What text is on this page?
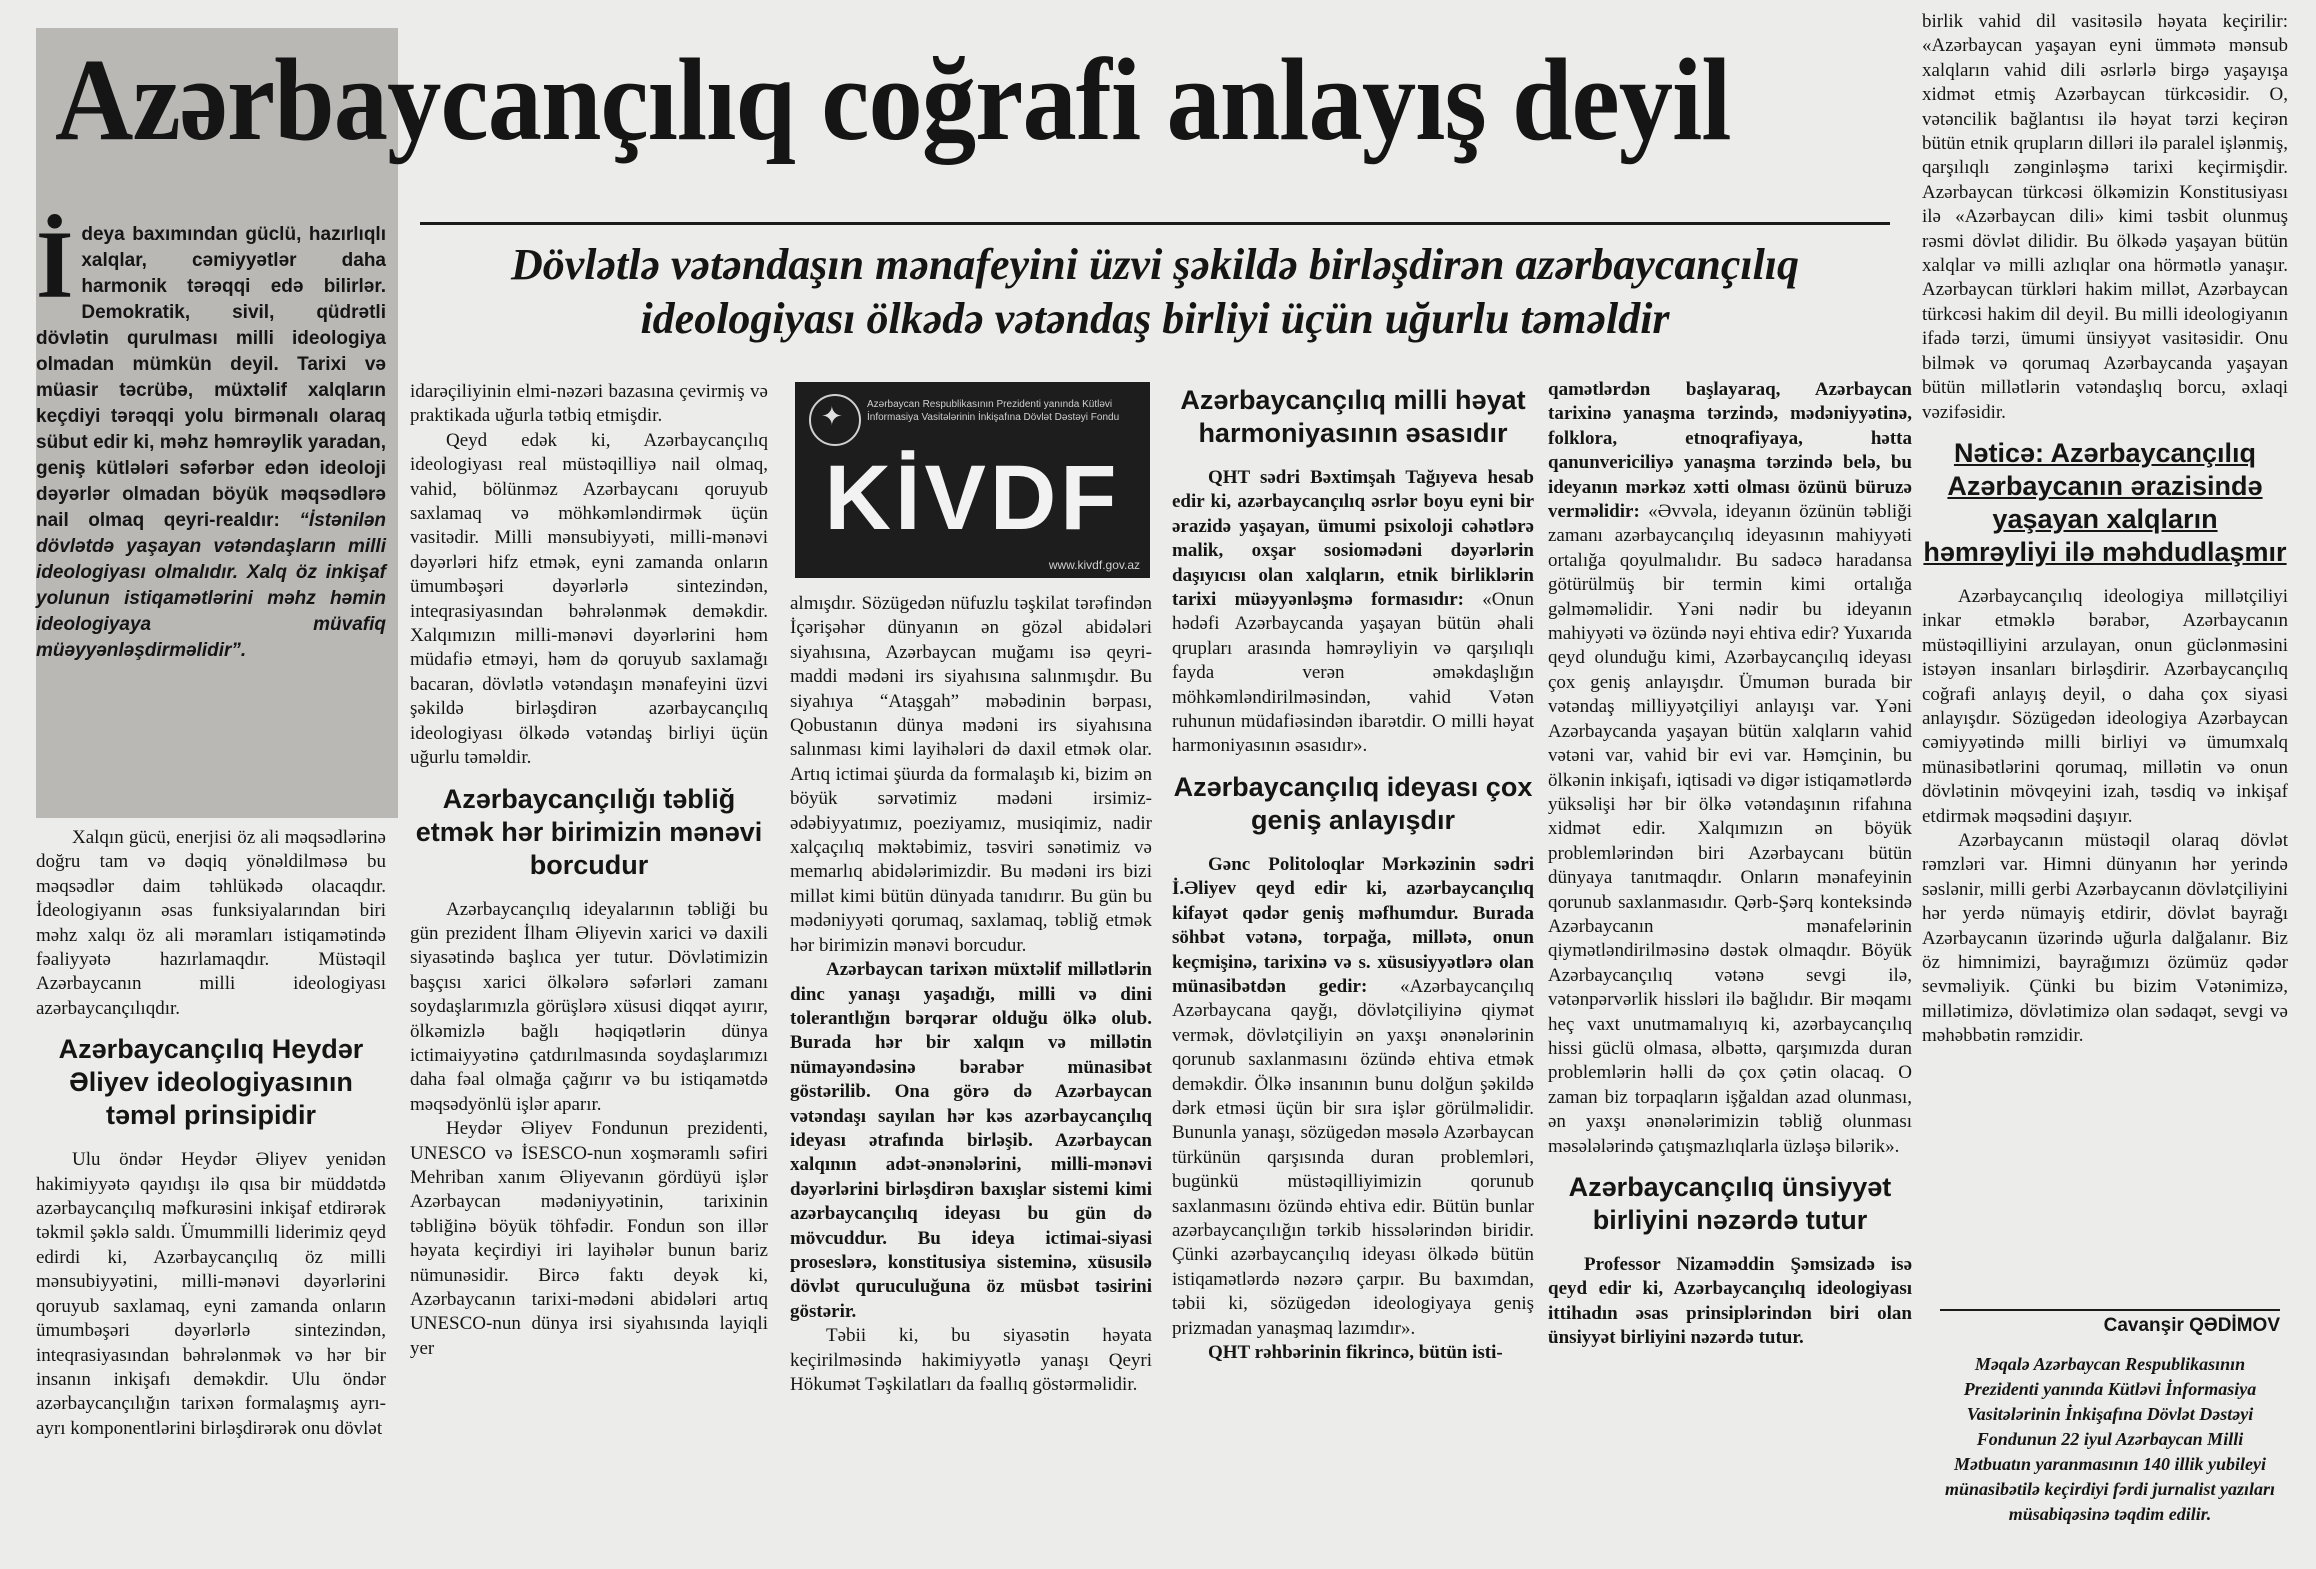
Azərbaycançılıq coğrafi anlayış deyil
Dövlətlə vətəndaşın mənafeyini üzvi şəkildə birləşdirən azərbaycançılıq ideologiyası ölkədə vətəndaş birliyi üçün uğurlu təməldir
İdeya baxımından güclü, hazırlıqlı xalqlar, cəmiyyətlər daha harmonik tərəqqi edə bilirlər. Demokratik, sivil, qüdrətli dövlətin qurulması milli ideologiya olmadan mümkün deyil. Tarixi və müasir təcrübə, müxtəlif xalqların keçdiyi tərəqqi yolu birmənalı olaraq sübut edir ki, məhz həmrəylik yaradan, geniş kütlələri səfərbər edən ideoloji dəyərlər olmadan böyük məqsədlərə nail olmaq qeyri-realdır: “İstənilən dövlətdə yaşayan vətəndaşların milli ideologiyası olmalıdır. Xalq öz inkişaf yolunun istiqamətlərini məhz həmin ideologiyaya müvafiq müəyyənləşdirməlidir”.

Xalqın gücü, enerjisi öz ali məqsədlərinə doğru tam və dəqiq yönəldilməsə bu məqsədlər daim təhlükədə olacaqdır. İdeologiyanın əsas funksiyalarından biri məhz xalqı öz ali məramları istiqamətində fəaliyyətə hazırlamaqdır. Müstəqil Azərbaycanın milli ideologiyası azərbaycançılıqdır.

Azərbaycançılıq Heydər Əliyev ideologiyasının təməl prinsipidir

Ulu öndər Heydər Əliyev yenidən hakimiyyətə qayıdışı ilə qısa bir müddətdə azərbaycançılıq məfkurəsini inkişaf etdirərək təkmil şəklə saldı. Ümummilli liderimiz qeyd edirdi ki, Azərbaycançılıq öz milli mənsubiyyətini, milli-mənəvi dəyərlərini qoruyub saxlamaq, eyni zamanda onların ümumbəşəri dəyərlərlə sintezindən, inteqrasiyasından bəhrələnmək və hər bir insanın inkişafı deməkdir. Ulu öndər azərbaycançılığın tarixən formalaşmış ayrı-ayrı komponentlərini birləşdirərək onu dövlət

idarəçiliyinin elmi-nəzəri bazasına çevirmiş və praktikada uğurla tətbiq etmişdir.

Qeyd edək ki, Azərbaycançılıq ideologiyası real müstəqilliyə nail olmaq, vahid, bölünməz Azərbaycanı qoruyub saxlamaq və möhkəmləndirmək üçün vasitədir. Milli mənsubiyyəti, milli-mənəvi dəyərləri hifz etmək, eyni zamanda onların ümumbəşəri dəyərlərlə sintezindən, inteqrasiyasından bəhrələnmək deməkdir. Xalqımızın milli-mənəvi dəyərlərini həm müdafiə etməyi, həm də qoruyub saxlamağı bacaran, dövlətlə vətəndaşın mənafeyini üzvi şəkildə birləşdirən azərbaycançılıq ideologiyası ölkədə vətəndaş birliyi üçün uğurlu təməldir.

Azərbaycançılığı təbliğ etmək hər birimizin mənəvi borcudur

Azərbaycançılıq ideyalarının təbliği bu gün prezident İlham Əliyevin xarici və daxili siyasətində başlıca yer tutur. Dövlətimizin başçısı xarici ölkələrə səfərləri zamanı soydaşlarımızla görüşlərə xüsusi diqqət ayırır, ölkəmizlə bağlı həqiqətlərin dünya ictimaiyyətinə çatdırılmasında soydaşlarımızı daha fəal olmağa çağırır və bu istiqamətdə məqsədyönlü işlər aparır.

Heydər Əliyev Fondunun prezidenti, UNESCO və İSESCO-nun xoşməramlı səfiri Mehriban xanım Əliyevanın gördüyü işlər Azərbaycan mədəniyyətinin, tarixinin təbliğinə böyük töhfədir. Fondun son illər həyata keçirdiyi iri layihələr bunun bariz nümunəsidir. Bircə faktı deyək ki, Azərbaycanın tarixi-mədəni abidələri artıq UNESCO-nun dünya irsi siyahısında layiqli yer

✦
Azərbaycan Respublikasının Prezidenti yanında Kütləvi İnformasiya Vasitələrinin İnkişafına Dövlət Dəstəyi Fondu
KİVDF
www.kivdf.gov.az

almışdır. Sözügedən nüfuzlu təşkilat tərəfindən İçərişəhər dünyanın ən gözəl abidələri siyahısına, Azərbaycan muğamı isə qeyri-maddi mədəni irs siyahısına salınmışdır. Bu siyahıya “Ataşgah” məbədinin bərpası, Qobustanın dünya mədəni irs siyahısına salınması kimi layihələri də daxil etmək olar. Artıq ictimai şüurda da formalaşıb ki, bizim ən böyük sərvətimiz mədəni irsimiz- ədəbiyyatımız, poeziyamız, musiqimiz, nadir xalçaçılıq məktəbimiz, təsviri sənətimiz və memarlıq abidələrimizdir. Bu mədəni irs bizi millət kimi bütün dünyada tanıdırır. Bu gün bu mədəniyyəti qorumaq, saxlamaq, təbliğ etmək hər birimizin mənəvi borcudur.

Azərbaycan tarixən müxtəlif millətlərin dinc yanaşı yaşadığı, milli və dini tolerantlığın bərqərar olduğu ölkə olub. Burada hər bir xalqın və millətin nümayəndəsinə bərabər münasibət göstərilib. Ona görə də Azərbaycan vətəndaşı sayılan hər kəs azərbaycançılıq ideyası ətrafında birləşib. Azərbaycan xalqının adət-ənənələrini, milli-mənəvi dəyərlərini birləşdirən baxışlar sistemi kimi azərbaycançılıq ideyası bu gün də mövcuddur. Bu ideya ictimai-siyasi proseslərə, konstitusiya sisteminə, xüsusilə dövlət quruculuğuna öz müsbət təsirini göstərir.

Təbii ki, bu siyasətin həyata keçirilməsində hakimiyyətlə yanaşı Qeyri Hökumət Təşkilatları da fəallıq göstərməlidir.

Azərbaycançılıq milli həyat harmoniyasının əsasıdır

QHT sədri Bəxtimşah Tağıyeva hesab edir ki, azərbaycançılıq əsrlər boyu eyni bir ərazidə yaşayan, ümumi psixoloji cəhətlərə malik, oxşar sosiomədəni dəyərlərin daşıyıcısı olan xalqların, etnik birliklərin tarixi müəyyənləşmə formasıdır: «Onun hədəfi Azərbaycanda yaşayan bütün əhali qrupları arasında həmrəyliyin və qarşılıqlı fayda verən əməkdaşlığın möhkəmləndirilməsindən, vahid Vətən ruhunun müdafiəsindən ibarətdir. O milli həyat harmoniyasının əsasıdır».

Azərbaycançılıq ideyası çox geniş anlayışdır

Gənc Politoloqlar Mərkəzinin sədri İ.Əliyev qeyd edir ki, azərbaycançılıq kifayət qədər geniş məfhumdur. Burada söhbət vətənə, torpağa, millətə, onun keçmişinə, tarixinə və s. xüsusiyyətlərə olan münasibətdən gedir: «Azərbaycançılıq Azərbaycana qayğı, dövlətçiliyinə qiymət vermək, dövlətçiliyin ən yaxşı ənənələrinin qorunub saxlanmasını özündə ehtiva etmək deməkdir. Ölkə insanının bunu dolğun şəkildə dərk etməsi üçün bir sıra işlər görülməlidir. Bununla yanaşı, sözügedən məsələ Azərbaycan türkünün qarşısında duran problemləri, bugünkü müstəqilliyimizin qorunub saxlanmasını özündə ehtiva edir. Bütün bunlar azərbaycançılığın tərkib hissələrindən biridir. Çünki azərbaycançılıq ideyası ölkədə bütün istiqamətlərdə nəzərə çarpır. Bu baxımdan, təbii ki, sözügedən ideologiyaya geniş prizmadan yanaşmaq lazımdır».

QHT rəhbərinin fikrincə, bütün isti-

qamətlərdən başlayaraq, Azərbaycan tarixinə yanaşma tərzində, mədəniyyətinə, folklora, etnoqrafiyaya, hətta qanunvericiliyə yanaşma tərzində belə, bu ideyanın mərkəz xətti olması özünü büruzə verməlidir: «Əvvəla, ideyanın özünün təbliği zamanı azərbaycançılıq ideyasının mahiyyəti ortalığa qoyulmalıdır. Bu sadəcə haradansa götürülmüş bir termin kimi ortalığa gəlməməlidir. Yəni nədir bu ideyanın mahiyyəti və özündə nəyi ehtiva edir? Yuxarıda qeyd olunduğu kimi, Azərbaycançılıq ideyası çox geniş anlayışdır. Ümumən burada bir vətəndaş milliyyətçiliyi anlayışı var. Yəni Azərbaycanda yaşayan bütün xalqların vahid vətəni var, vahid bir evi var. Həmçinin, bu ölkənin inkişafı, iqtisadi və digər istiqamətlərdə yüksəlişi hər bir ölkə vətəndaşının rifahına xidmət edir. Xalqımızın ən böyük problemlərindən biri Azərbaycanı bütün dünyaya tanıtmaqdır. Onların mənafeyinin qorunub saxlanmasıdır. Qərb-Şərq konteksində Azərbaycanın mənafelərinin qiymətləndirilməsinə dəstək olmaqdır. Böyük Azərbaycançılıq vətənə sevgi ilə, vətənpərvərlik hissləri ilə bağlıdır. Bir məqamı heç vaxt unutmamalıyıq ki, azərbaycançılıq hissi güclü olmasa, əlbəttə, qarşımızda duran problemlərin həlli də çox çətin olacaq. O zaman biz torpaqların işğaldan azad olunması, ən yaxşı ənənələrimizin təbliğ olunması məsələlərində çatışmazlıqlarla üzləşə bilərik».

Azərbaycançılıq ünsiyyət birliyini nəzərdə tutur

Professor Nizaməddin Şəmsizadə isə qeyd edir ki, Azərbaycançılıq ideologiyası ittihadın əsas prinsiplərindən biri olan ünsiyyət birliyini nəzərdə tutur.

birlik vahid dil vasitəsilə həyata keçirilir: «Azərbaycan yaşayan eyni ümmətə mənsub xalqların vahid dili əsrlərlə birgə yaşayışa xidmət etmiş Azərbaycan türkcəsidir. O, vətəncilik bağlantısı ilə həyat tərzi keçirən bütün etnik qrupların dilləri ilə paralel işlənmiş, qarşılıqlı zənginləşmə tarixi keçirmişdir. Azərbaycan türkcəsi ölkəmizin Konstitusiyası ilə «Azərbaycan dili» kimi təsbit olunmuş rəsmi dövlət dilidir. Bu ölkədə yaşayan bütün xalqlar və milli azlıqlar ona hörmətlə yanaşır. Azərbaycan türkləri hakim millət, Azərbaycan türkcəsi hakim dil deyil. Bu milli ideologiyanın ifadə tərzi, ümumi ünsiyyət vasitəsidir. Onu bilmək və qorumaq Azərbaycanda yaşayan bütün millətlərin vətəndaşlıq borcu, əxlaqi vəzifəsidir.

Nəticə: Azərbaycançılıq Azərbaycanın ərazisində yaşayan xalqların həmrəyliyi ilə məhdudlaşmır

Azərbaycançılıq ideologiya millətçiliyi inkar etməklə bərabər, Azərbaycanın müstəqilliyini arzulayan, onun güclənməsini istəyən insanları birləşdirir. Azərbaycançılıq coğrafi anlayış deyil, o daha çox siyasi anlayışdır. Sözügedən ideologiya Azərbaycan cəmiyyətində milli birliyi və ümumxalq münasibətlərini qorumaq, millətin və onun dövlətinin mövqeyini izah, təsdiq və inkişaf etdirmək məqsədini daşıyır.

Azərbaycanın müstəqil olaraq dövlət rəmzləri var. Himni dünyanın hər yerində səslənir, milli gerbi Azərbaycanın dövlətçiliyini hər yerdə nümayiş etdirir, dövlət bayrağı Azərbaycanın üzərində uğurla dalğalanır. Biz öz himnimizi, bayrağımızı özümüz qədər sevməliyik. Çünki bu bizim Vətənimizə, millətimizə, dövlətimizə olan sədaqət, sevgi və məhəbbətin rəmzidir.

Cavanşir QƏDİMOV
Məqalə Azərbaycan Respublikasının Prezidenti yanında Kütləvi İnformasiya Vasitələrinin İnkişafına Dövlət Dəstəyi Fondunun 22 iyul Azərbaycan Milli Mətbuatın yaranmasının 140 illik yubileyi münasibətilə keçirdiyi fərdi jurnalist yazıları müsabiqəsinə təqdim edilir.
